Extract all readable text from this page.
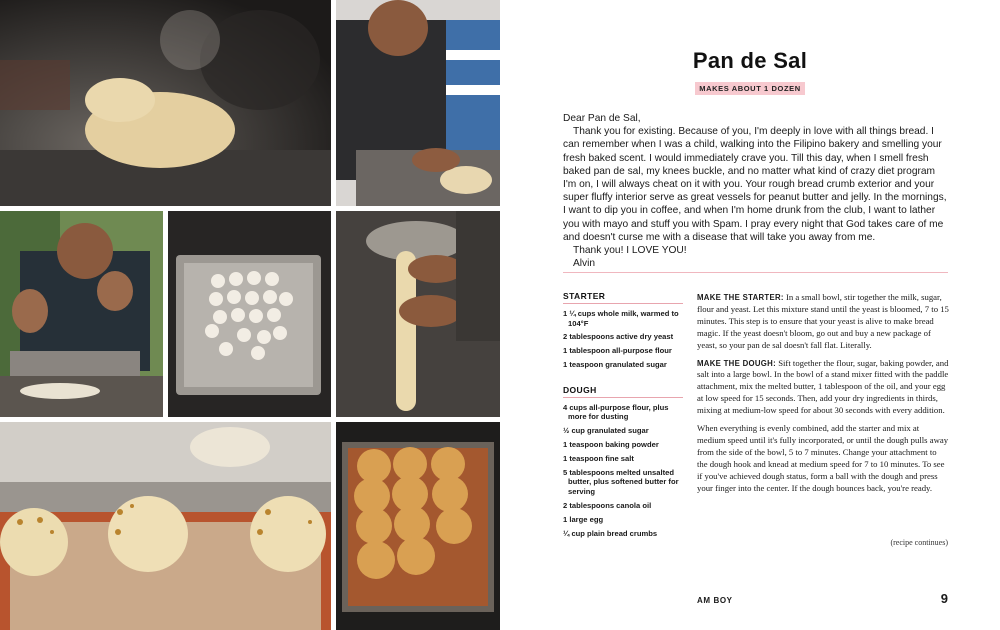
Pan de Sal
MAKES ABOUT 1 DOZEN

Dear Pan de Sal,

Thank you for existing. Because of you, I'm deeply in love with all things bread. I can remember when I was a child, walking into the Filipino bakery and smelling your fresh baked scent. I would immediately crave you. Till this day, when I smell fresh baked pan de sal, my knees buckle, and no matter what kind of crazy diet program I'm on, I will always cheat on it with you. Your rough bread crumb exterior and your super fluffy interior serve as great vessels for peanut butter and jelly. In the mornings, I want to dip you in coffee, and when I'm home drunk from the club, I want to lather you with mayo and stuff you with Spam. I pray every night that God takes care of me and doesn't curse me with a disease that will take you away from me.

Thank you! I LOVE YOU!

Alvin

STARTER
1 ¼ cups whole milk, warmed to 104°F
2 tablespoons active dry yeast
1 tablespoon all-purpose flour
1 teaspoon granulated sugar
DOUGH
4 cups all-purpose flour, plus more for dusting
½ cup granulated sugar
1 teaspoon baking powder
1 teaspoon fine salt
5 tablespoons melted unsalted butter, plus softened butter for serving
2 tablespoons canola oil
1 large egg
¼ cup plain bread crumbs

MAKE THE STARTER: In a small bowl, stir together the milk, sugar, flour and yeast. Let this mixture stand until the yeast is bloomed, 7 to 15 minutes. This step is to ensure that your yeast is alive to make bread magic. If the yeast doesn't bloom, go out and buy a new package of yeast, so your pan de sal doesn't fall flat. Literally.

MAKE THE DOUGH: Sift together the flour, sugar, baking powder, and salt into a large bowl. In the bowl of a stand mixer fitted with the paddle attachment, mix the melted butter, 1 tablespoon of the oil, and your egg at low speed for 15 seconds. Then, add your dry ingredients in thirds, mixing at medium-low speed for about 30 seconds with every addition.

When everything is evenly combined, add the starter and mix at medium speed until it's fully incorporated, or until the dough pulls away from the side of the bowl, 5 to 7 minutes. Change your attachment to the dough hook and knead at medium speed for 7 to 10 minutes. To see if you've achieved dough status, form a ball with the dough and press your finger into the center. If the dough bounces back, you're ready.

(recipe continues)
AM BOY	9
